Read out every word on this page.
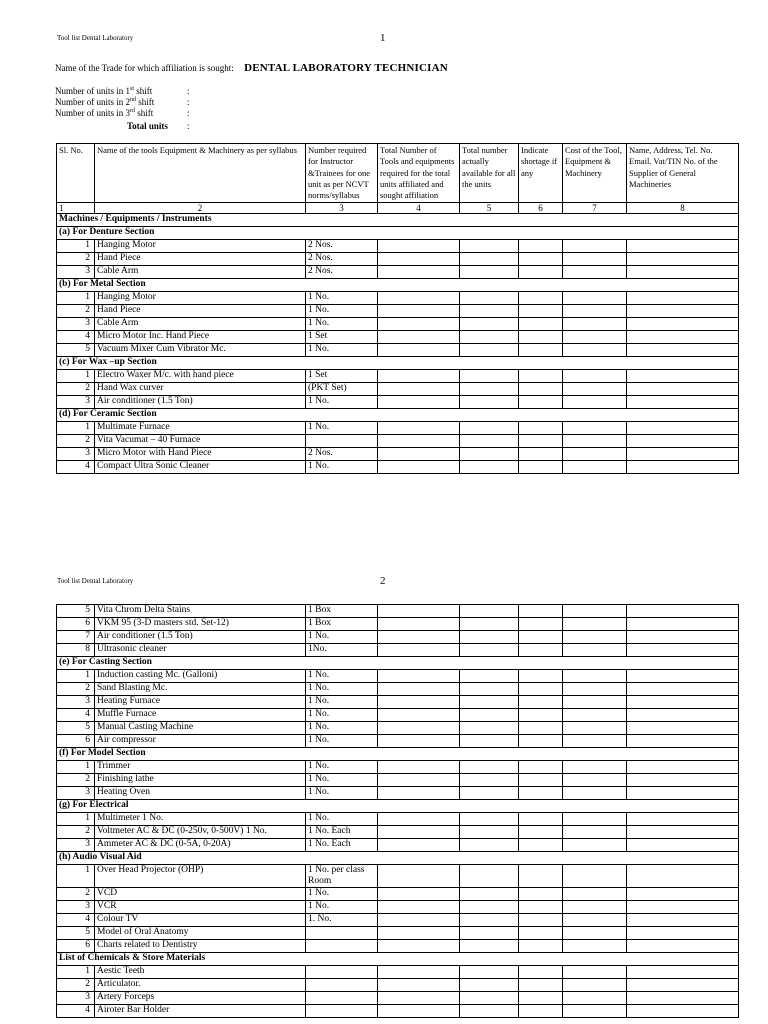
Tool list Dental Laboratory	1
Name of the Trade for which affiliation is sought: DENTAL LABORATORY TECHNICIAN
Number of units in 1st shift	:
Number of units in 2nd shift	:
Number of units in 3rd shift	:
Total units :
Sl. No.	Name of the tools Equipment & Machinery as per syllabus	Number required for Instructor &Trainees for one unit as per NCVT norms/syllabus	Total Number of Tools and equipments required for the total units affiliated and sought affiliation	Total number actually available for all the units	Indicate shortage if any	Cost of the Tool, Equipment & Machinery	Name, Address, Tel. No. Email. Vat/TIN No. of the Supplier of General Machineries
1	2	3	4	5	6	7	8
Machines / Equipments / Instruments							
(a) For Denture Section							
1	Hanging Motor	2 Nos.					
2	Hand Piece	2 Nos.					
3	Cable Arm	2 Nos.					
(b) For Metal Section							
1	Hanging Motor	1 No.					
2	Hand Piece	1 No.					
3	Cable Arm	1 No.					
4	Micro Motor Inc. Hand Piece	1 Set					
5	Vacuum Mixer Cum Vibrator Mc.	1 No.					
(c) For Wax –up Section							
1	Electro Waxer M/c. with hand piece	1 Set					
2	Hand Wax curver	(PKT Set)					
3	Air conditioner (1.5 Ton)	1 No.					
(d) For Ceramic Section							
1	Multimate Furnace	1 No.					
2	Vita Vacumat – 40 Furnace						
3	Micro Motor with Hand Piece	2 Nos.					
4	Compact Ultra Sonic Cleaner	1 No.					
Tool list Dental Laboratory	2
5	Vita Chrom Delta Stains	1 Box					
6	VKM 95 (3-D masters std. Set-12)	1 Box					
7	Air conditioner (1.5 Ton)	1 No.					
8	Ultrasonic cleaner	1No.					
(e) For Casting Section							
1	Induction casting Mc. (Galloni)	1 No.					
2	Sand Blasting Mc.	1 No.					
3	Heating Furnace	1 No.					
4	Muffle Furnace	1 No.					
5	Manual Casting Machine	1 No.					
6	Air compressor	1 No.					
(f) For Model Section							
1	Trimmer	1 No.					
2	Finishing lathe	1 No.					
3	Heating Oven	1 No.					
(g) For Electrical							
1	Multimeter 1 No.	1 No.					
2	Voltmeter AC & DC (0-250v, 0-500V) 1 No.	1 No. Each					
3	Ammeter AC & DC (0-5A, 0-20A)	1 No. Each					
(h) Audio Visual Aid							
1	Over Head Projector (OHP)	1 No. per class Room					
2	VCD	1 No.					
3	VCR	1 No.					
4	Colour TV	1. No.					
5	Model of Oral Anatomy						
6	Charts related to Dentistry						
List of Chemicals & Store Materials							
1	Aestic Teeth						
2	Articulator.						
3	Artery Forceps						
4	Airoter Bar Holder						
